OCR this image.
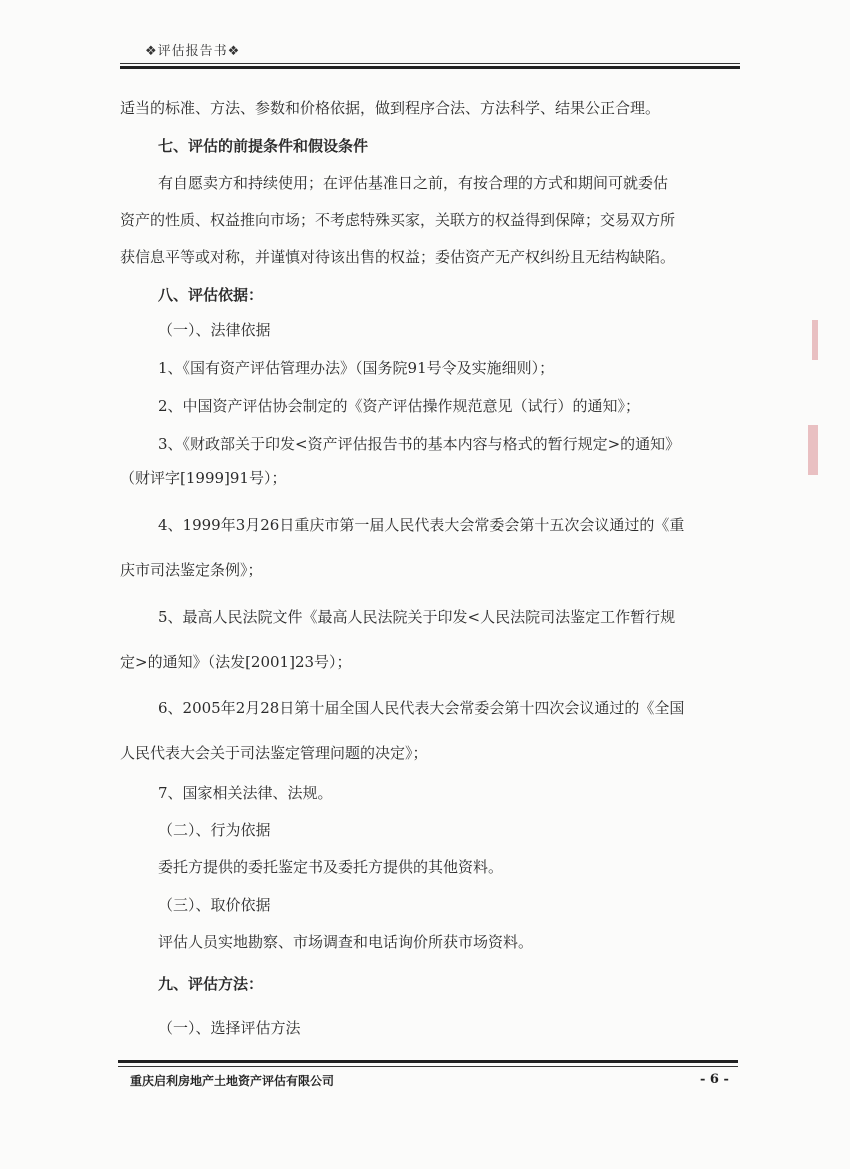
❖评估报告书❖
适当的标准、方法、参数和价格依据，做到程序合法、方法科学、结果公正合理。
七、评估的前提条件和假设条件
有自愿卖方和持续使用；在评估基准日之前，有按合理的方式和期间可就委估
资产的性质、权益推向市场；不考虑特殊买家，关联方的权益得到保障；交易双方所
获信息平等或对称，并谨慎对待该出售的权益；委估资产无产权纠纷且无结构缺陷。
八、评估依据：
（一）、法律依据
1、《国有资产评估管理办法》（国务院91号令及实施细则）；
2、中国资产评估协会制定的《资产评估操作规范意见（试行）的通知》；
3、《财政部关于印发<资产评估报告书的基本内容与格式的暂行规定>的通知》
（财评字[1999]91号）；
4、1999年3月26日重庆市第一届人民代表大会常委会第十五次会议通过的《重
庆市司法鉴定条例》；
5、最高人民法院文件《最高人民法院关于印发<人民法院司法鉴定工作暂行规
定>的通知》（法发[2001]23号）；
6、2005年2月28日第十届全国人民代表大会常委会第十四次会议通过的《全国
人民代表大会关于司法鉴定管理问题的决定》；
7、国家相关法律、法规。
（二）、行为依据
委托方提供的委托鉴定书及委托方提供的其他资料。
（三）、取价依据
评估人员实地勘察、市场调查和电话询价所获市场资料。
九、评估方法：
（一）、选择评估方法
重庆启利房地产土地资产评估有限公司	- 6 -
